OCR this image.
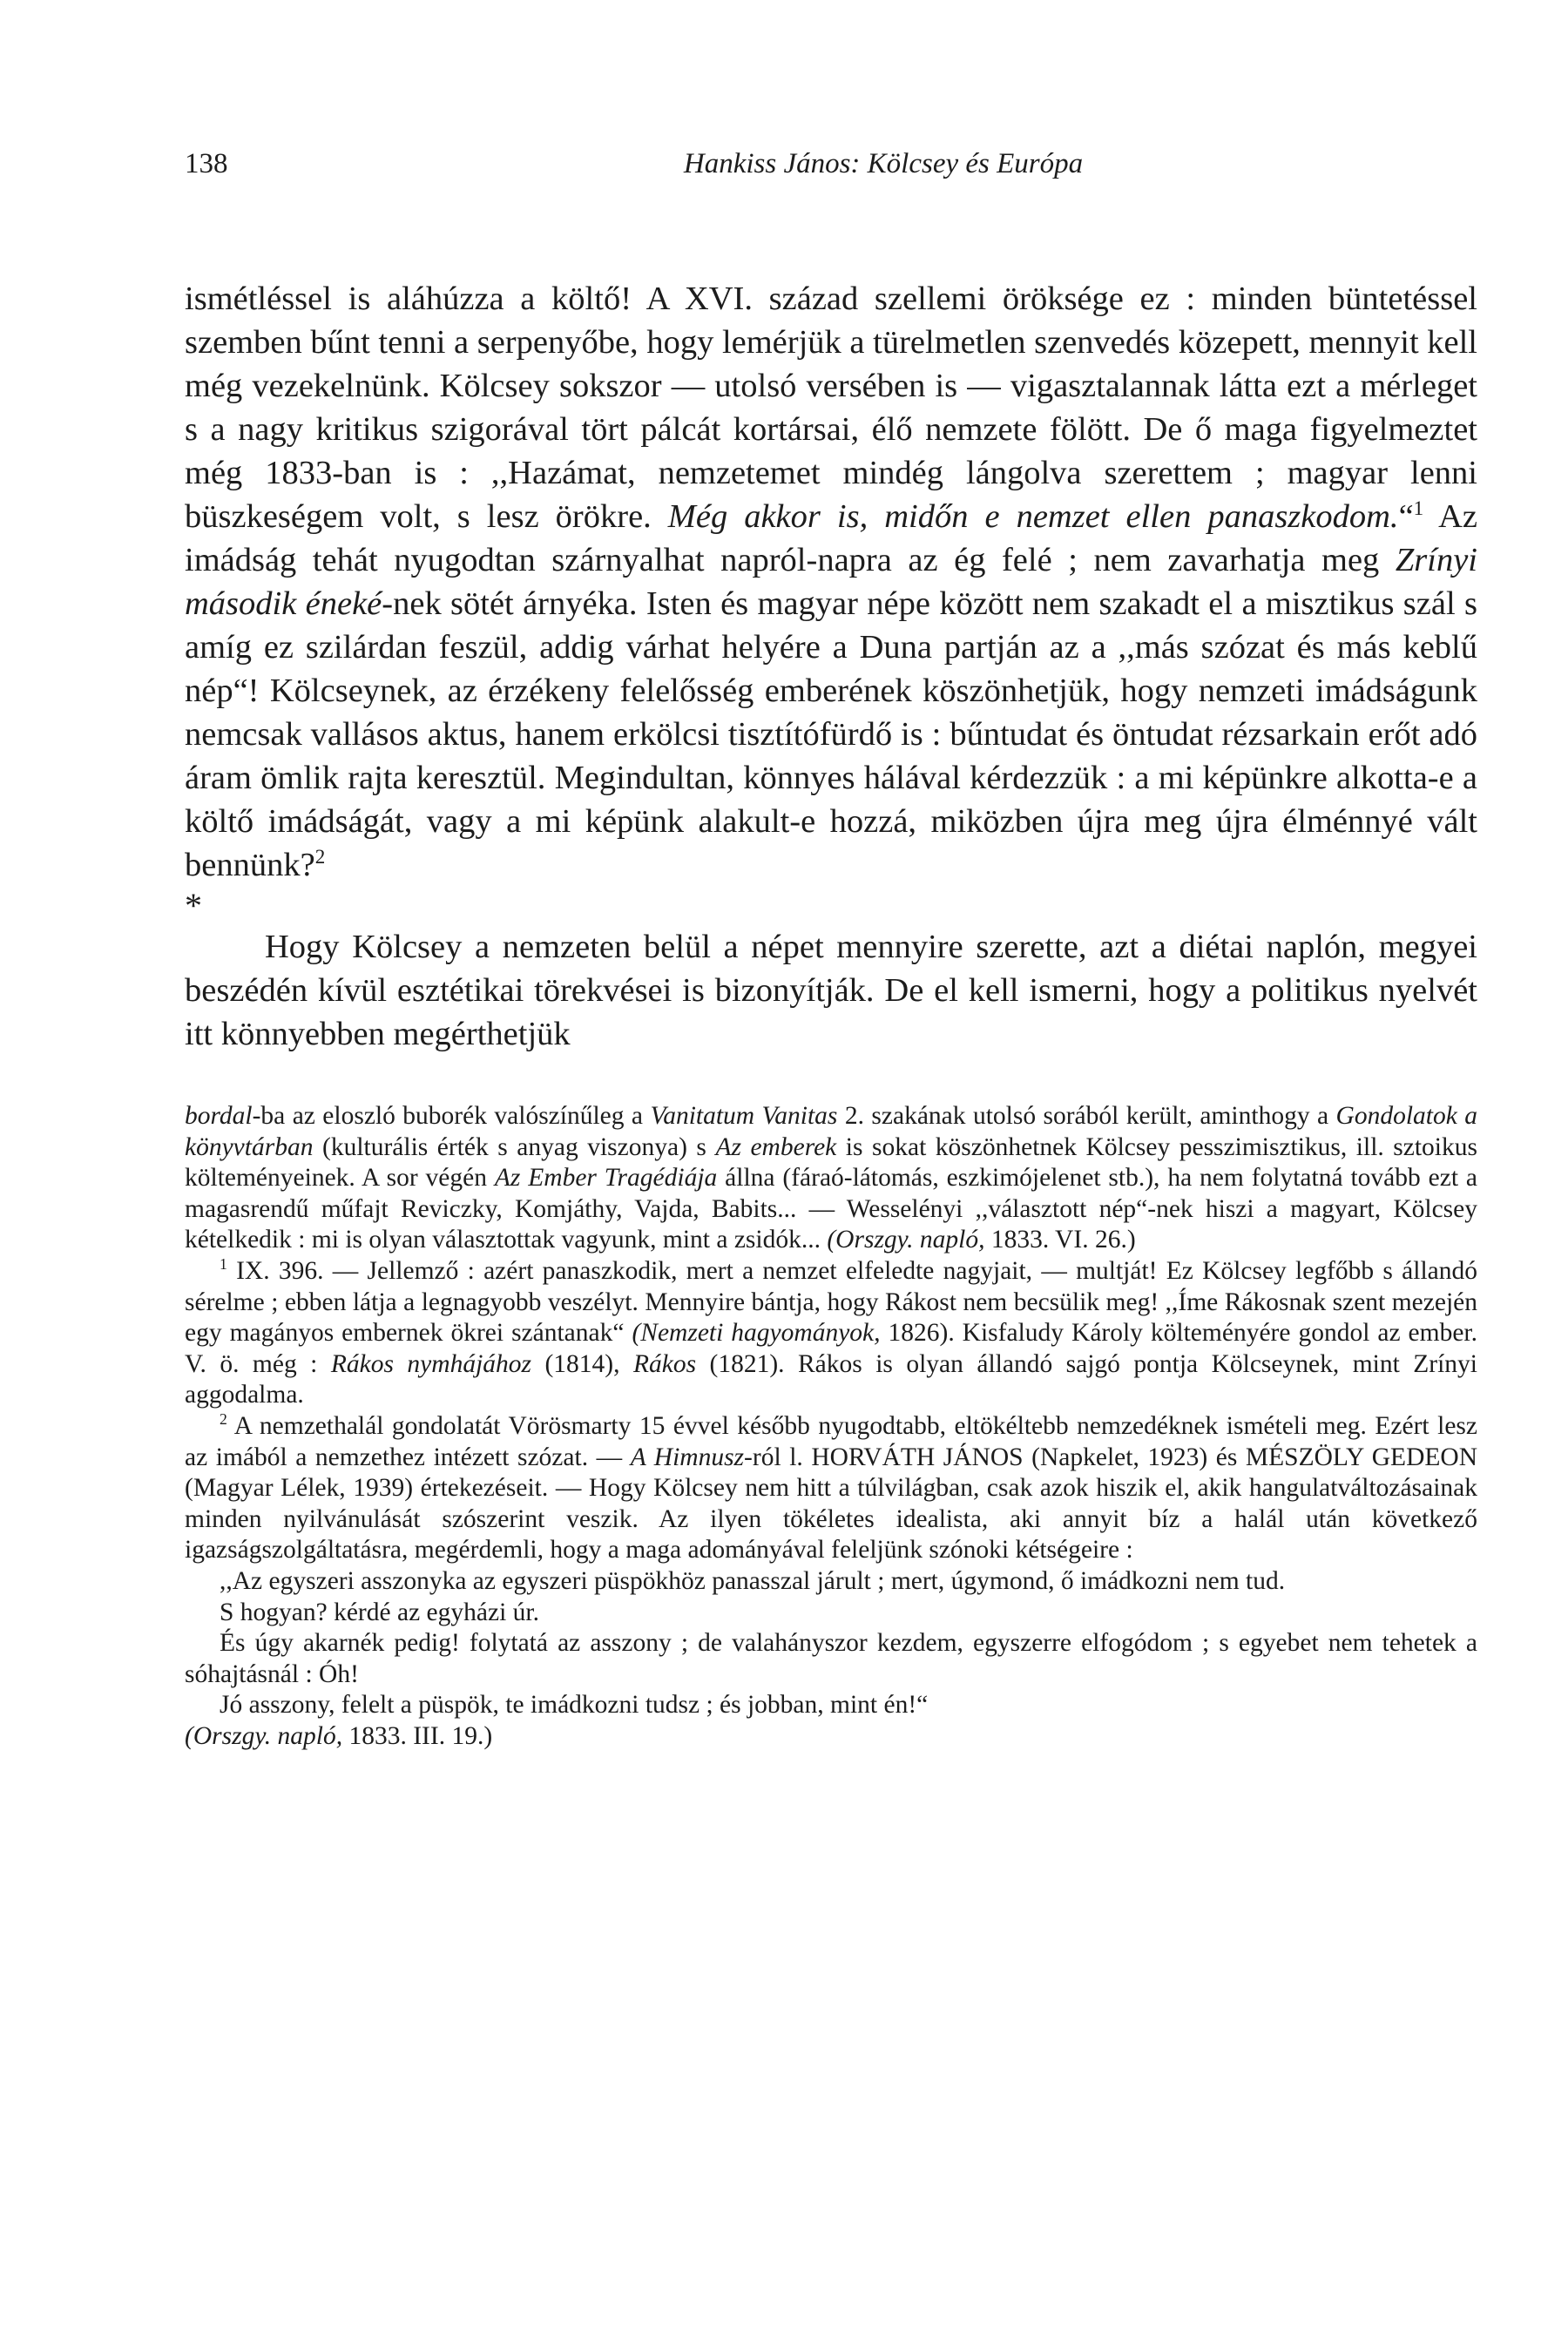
138	Hankiss János: Kölcsey és Európa

ismétléssel is aláhúzza a költő! A XVI. század szellemi öröksége ez : minden büntetéssel szemben bűnt tenni a serpenyőbe, hogy lemérjük a türelmetlen szenvedés közepett, mennyit kell még vezekelnünk. Kölcsey sokszor — utolsó versében is — vigasztalannak látta ezt a mérleget s a nagy kritikus szigorával tört pálcát kortársai, élő nemzete fölött. De ő maga figyelmeztet még 1833-ban is : ,,Hazámat, nemzetemet mindég lángolva szerettem ; magyar lenni büszkeségem volt, s lesz örökre. Még akkor is, midőn e nemzet ellen panaszkodom.“$^1$ Az imádság tehát nyugodtan szárnyalhat napról-napra az ég felé ; nem zavarhatja meg Zrínyi második éneké-nek sötét árnyéka. Isten és magyar népe között nem szakadt el a misztikus szál s amíg ez szilárdan feszül, addig várhat helyére a Duna partján az a ,,más szózat és más keblű nép“! Kölcseynek, az érzékeny felelősség emberének köszönhetjük, hogy nemzeti imádságunk nemcsak vallásos aktus, hanem erkölcsi tisztítófürdő is : bűntudat és öntudat rézsarkain erőt adó áram ömlik rajta keresztül. Megindultan, könnyes hálával kérdezzük : a mi képünkre alkotta-e a költő imádságát, vagy a mi képünk alakult-e hozzá, miközben újra meg újra élménnyé vált bennünk?$^2$

*

Hogy Kölcsey a nemzeten belül a népet mennyire szerette, azt a diétai naplón, megyei beszédén kívül esztétikai törekvései is bizonyítják. De el kell ismerni, hogy a politikus nyelvét itt könnyebben megérthetjük

bordal-ba az eloszló buborék valószínűleg a Vanitatum Vanitas 2. szakának utolsó sorából került, aminthogy a Gondolatok a könyvtárban (kulturális érték s anyag viszonya) s Az emberek is sokat köszönhetnek Kölcsey pesszimisztikus, ill. sztoikus költeményeinek. A sor végén Az Ember Tragédiája állna (fáraó-látomás, eszkimójelenet stb.), ha nem folytatná tovább ezt a magasrendű műfajt Reviczky, Komjáthy, Vajda, Babits... — Wesselényi ,,választott nép“-nek hiszi a magyart, Kölcsey kételkedik : mi is olyan választottak vagyunk, mint a zsidók... (Orszgy. napló, 1833. VI. 26.)

$^1$ IX. 396. — Jellemző : azért panaszkodik, mert a nemzet elfeledte nagyjait, — multját! Ez Kölcsey legfőbb s állandó sérelme ; ebben látja a legnagyobb veszélyt. Mennyire bántja, hogy Rákost nem becsülik meg! ,,Íme Rákosnak szent mezején egy magányos embernek ökrei szántanak“ (Nemzeti hagyományok, 1826). Kisfaludy Károly költeményére gondol az ember. V. ö. még : Rákos nymhájához (1814), Rákos (1821). Rákos is olyan állandó sajgó pontja Kölcseynek, mint Zrínyi aggodalma.

$^2$ A nemzethalál gondolatát Vörösmarty 15 évvel később nyugodtabb, eltökéltebb nemzedéknek ismételi meg. Ezért lesz az imából a nemzethez intézett szózat. — A Himnusz-ról l. HORVÁTH JÁNOS (Napkelet, 1923) és MÉSZÖLY GEDEON (Magyar Lélek, 1939) értekezéseit. — Hogy Kölcsey nem hitt a túlvilágban, csak azok hiszik el, akik hangulatváltozásainak minden nyilvánulását szószerint veszik. Az ilyen tökéletes idealista, aki annyit bíz a halál után következő igazságszolgáltatásra, megérdemli, hogy a maga adományával feleljünk szónoki kétségeire :

,,Az egyszeri asszonyka az egyszeri püspökhöz panasszal járult ; mert, úgymond, ő imádkozni nem tud.

S hogyan? kérdé az egyházi úr.

És úgy akarnék pedig! folytatá az asszony ; de valahányszor kezdem, egyszerre elfogódom ; s egyebet nem tehetek a sóhajtásnál : Óh!

Jó asszony, felelt a püspök, te imádkozni tudsz ; és jobban, mint én!“

(Orszgy. napló, 1833. III. 19.)
